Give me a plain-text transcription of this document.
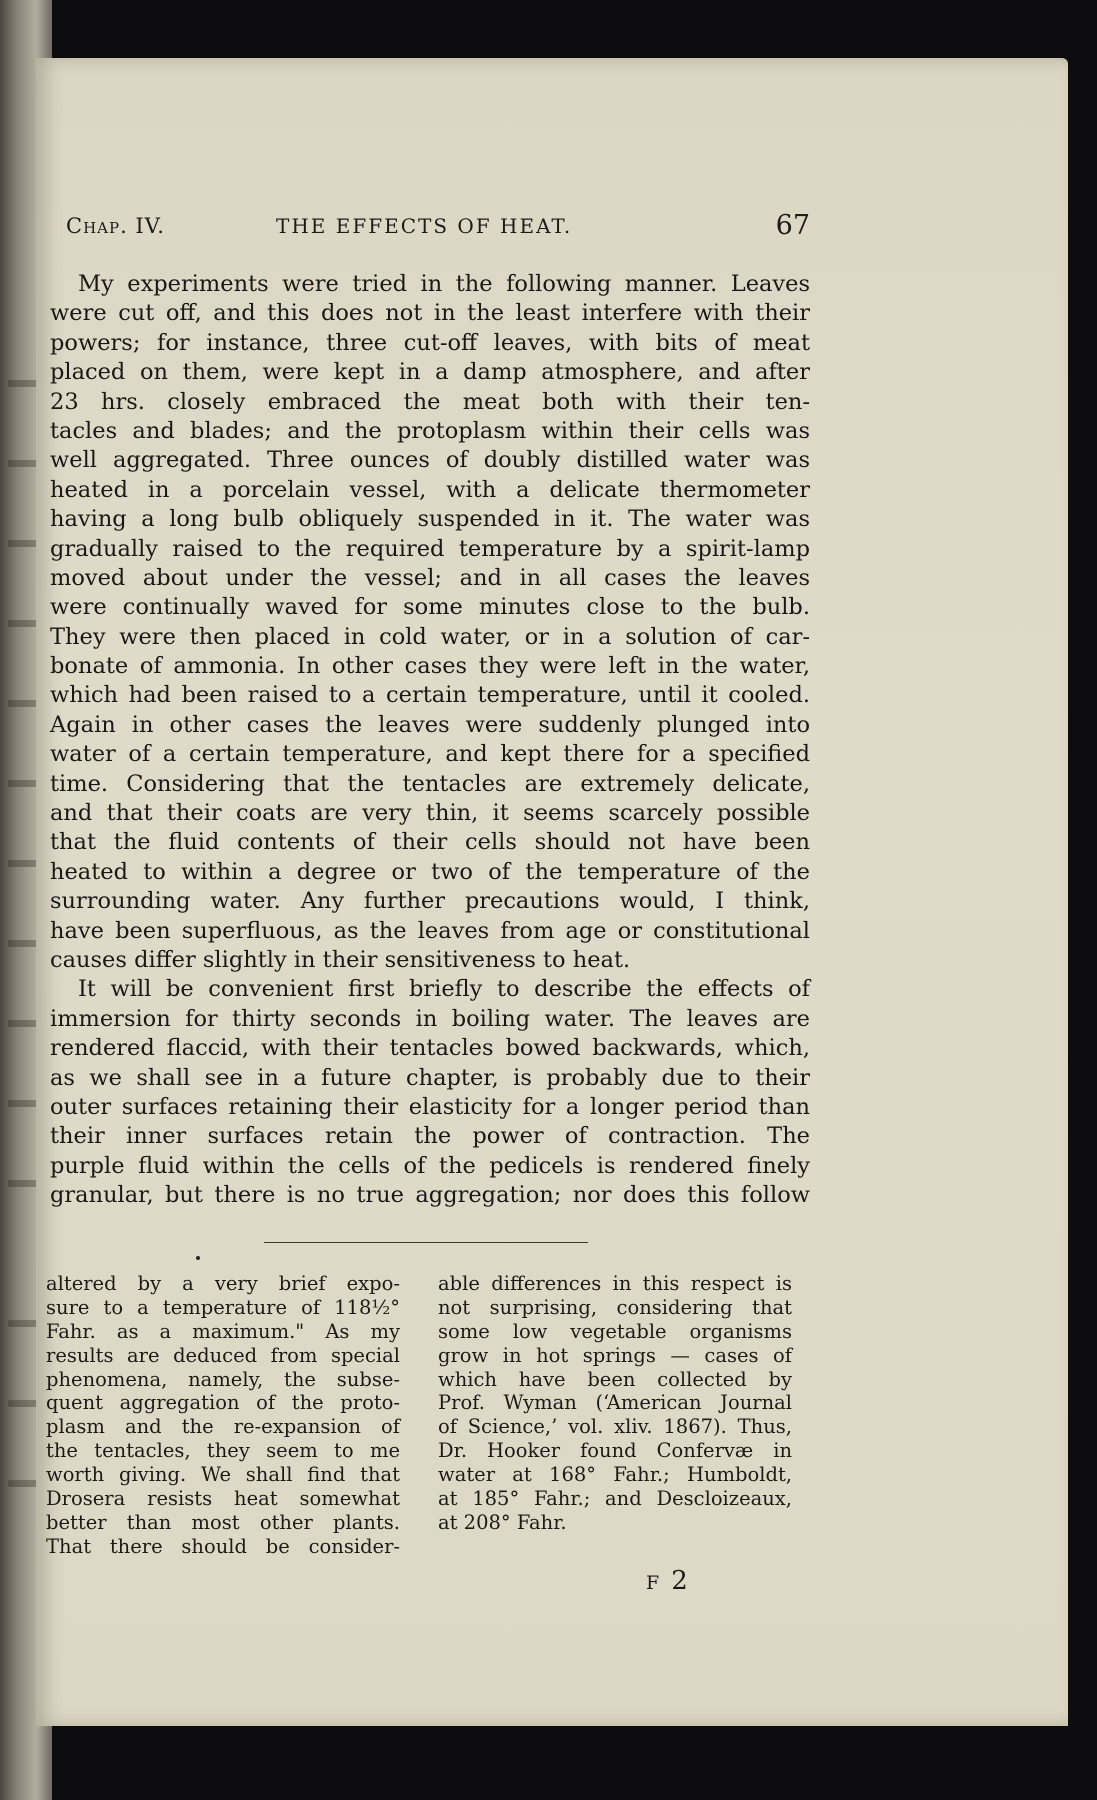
Chap. IV.	THE EFFECTS OF HEAT.	67
My experiments were tried in the following manner. Leaves
were cut off, and this does not in the least interfere with their
powers; for instance, three cut-off leaves, with bits of meat
placed on them, were kept in a damp atmosphere, and after
23 hrs. closely embraced the meat both with their ten-
tacles and blades; and the protoplasm within their cells was
well aggregated. Three ounces of doubly distilled water was
heated in a porcelain vessel, with a delicate thermometer
having a long bulb obliquely suspended in it. The water was
gradually raised to the required temperature by a spirit-lamp
moved about under the vessel; and in all cases the leaves
were continually waved for some minutes close to the bulb.
They were then placed in cold water, or in a solution of car-
bonate of ammonia. In other cases they were left in the water,
which had been raised to a certain temperature, until it cooled.
Again in other cases the leaves were suddenly plunged into
water of a certain temperature, and kept there for a specified
time. Considering that the tentacles are extremely delicate,
and that their coats are very thin, it seems scarcely possible
that the fluid contents of their cells should not have been
heated to within a degree or two of the temperature of the
surrounding water. Any further precautions would, I think,
have been superfluous, as the leaves from age or constitutional
causes differ slightly in their sensitiveness to heat.
It will be convenient first briefly to describe the effects of
immersion for thirty seconds in boiling water. The leaves are
rendered flaccid, with their tentacles bowed backwards, which,
as we shall see in a future chapter, is probably due to their
outer surfaces retaining their elasticity for a longer period than
their inner surfaces retain the power of contraction. The
purple fluid within the cells of the pedicels is rendered finely
granular, but there is no true aggregation; nor does this follow
altered by a very brief expo-
sure to a temperature of 118½°
Fahr. as a maximum." As my
results are deduced from special
phenomena, namely, the subse-
quent aggregation of the proto-
plasm and the re-expansion of
the tentacles, they seem to me
worth giving. We shall find that
Drosera resists heat somewhat
better than most other plants.
That there should be consider-
able differences in this respect is
not surprising, considering that
some low vegetable organisms
grow in hot springs — cases of
which have been collected by
Prof. Wyman (‘American Journal
of Science,’ vol. xliv. 1867). Thus,
Dr. Hooker found Confervæ in
water at 168° Fahr.; Humboldt,
at 185° Fahr.; and Descloizeaux,
at 208° Fahr.
F 2
